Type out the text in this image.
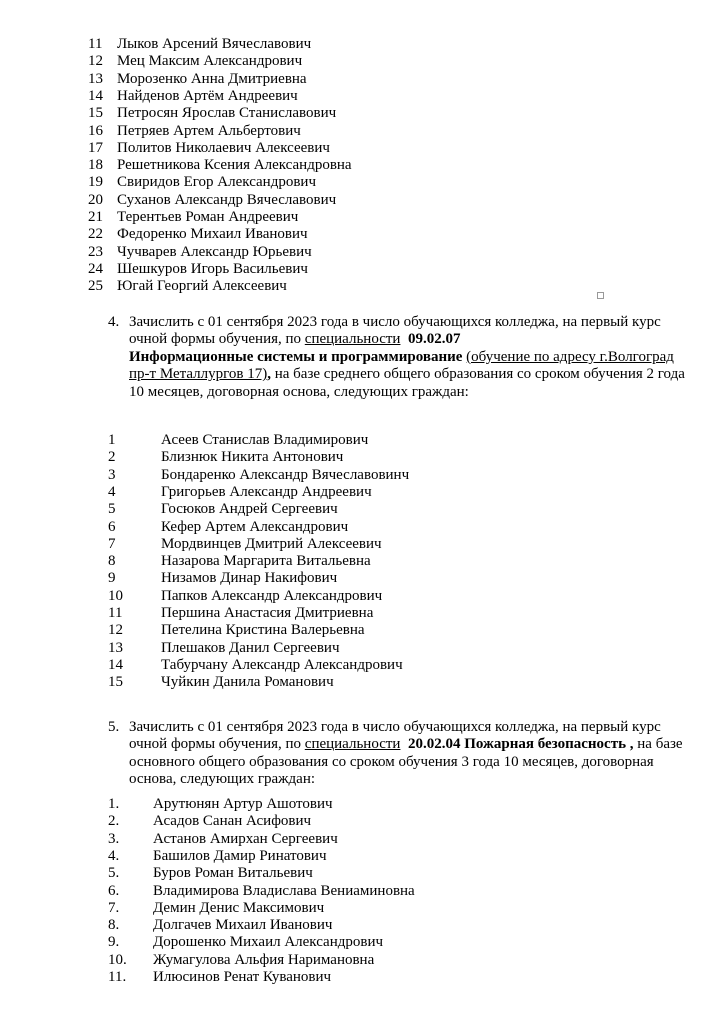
11 Лыков Арсений Вячеславович
12 Мец Максим Александрович
13 Морозенко Анна Дмитриевна
14 Найденов Артём Андреевич
15 Петросян Ярослав Станиславович
16 Петряев Артем Альбертович
17 Политов Николаевич Алексеевич
18 Решетникова Ксения Александровна
19 Свиридов Егор Александрович
20 Суханов Александр Вячеславович
21 Терентьев Роман Андреевич
22 Федоренко Михаил Иванович
23 Чучварев Александр Юрьевич
24 Шешкуров Игорь Васильевич
25 Югай Георгий Алексеевич
4. Зачислить с 01 сентября 2023 года в число обучающихся колледжа, на первый курс очной формы обучения, по специальности 09.02.07
Информационные системы и программирование (обучение по адресу г.Волгоград пр-т Металлургов 17), на базе среднего общего образования со сроком обучения 2 года 10 месяцев, договорная основа, следующих граждан:
1	Асеев Станислав Владимирович
2	Близнюк Никита Антонович
3	Бондаренко Александр Вячеславовинч
4	Григорьев Александр Андреевич
5	Госюков Андрей Сергеевич
6	Кефер Артем Александрович
7	Мордвинцев Дмитрий Алексеевич
8	Назарова Маргарита Витальевна
9	Низамов Динар Накифович
10	Папков Александр Александрович
11	Першина Анастасия Дмитриевна
12	Петелина Кристина Валерьевна
13	Плешаков Данил Сергеевич
14	Табурчану Александр Александрович
15	Чуйкин Данила Романович
5. Зачислить с 01 сентября 2023 года в число обучающихся колледжа, на первый курс очной формы обучения, по специальности 20.02.04 Пожарная безопасность , на базе основного общего образования со сроком обучения 3 года 10 месяцев, договорная основа, следующих граждан:
1. Арутюнян Артур Ашотович
2. Асадов Санан Асифович
3. Астанов Амирхан Сергеевич
4. Башилов Дамир Ринатович
5. Буров Роман Витальевич
6. Владимирова Владислава Вениаминовна
7. Демин Денис Максимович
8. Долгачев Михаил Иванович
9. Дорошенко Михаил Александрович
10. Жумагулова Альфия Наримановна
11. Илюсинов Ренат Куванович
